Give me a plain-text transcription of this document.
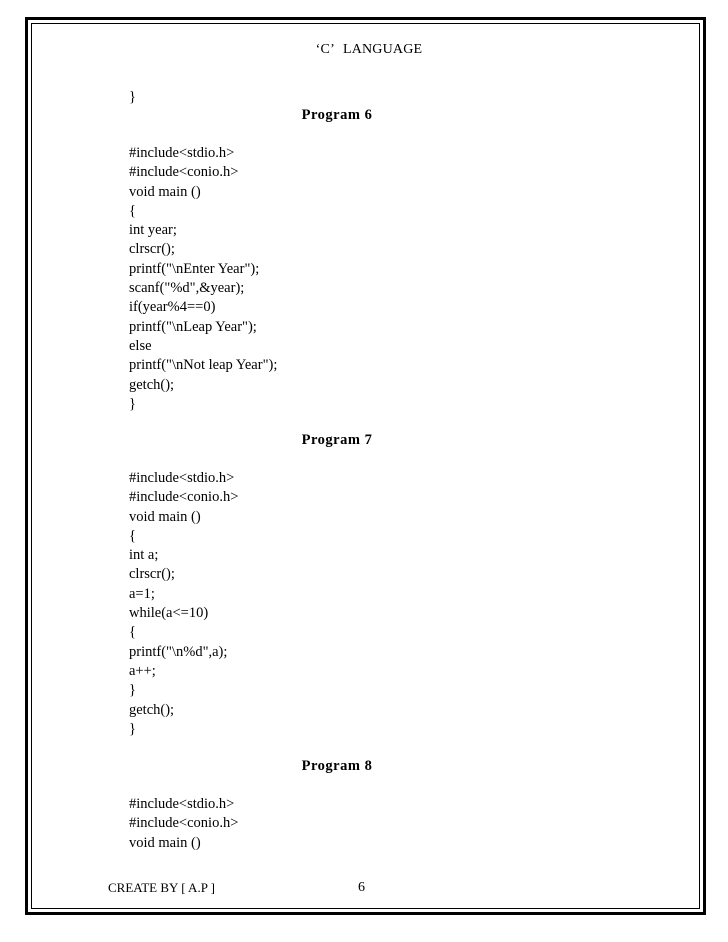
‘C’ LANGUAGE
}
Program 6
#include<stdio.h>
#include<conio.h>
void main ()
{
int year;
clrscr();
printf("\nEnter Year");
scanf("%d",&year);
if(year%4==0)
printf("\nLeap Year");
else
printf("\nNot leap Year");
getch();
}
Program 7
#include<stdio.h>
#include<conio.h>
void main ()
{
int a;
clrscr();
a=1;
while(a<=10)
{
printf("\n%d",a);
a++;
}
getch();
}
Program 8
#include<stdio.h>
#include<conio.h>
void main ()
CREATE BY [ A.P ]	6
